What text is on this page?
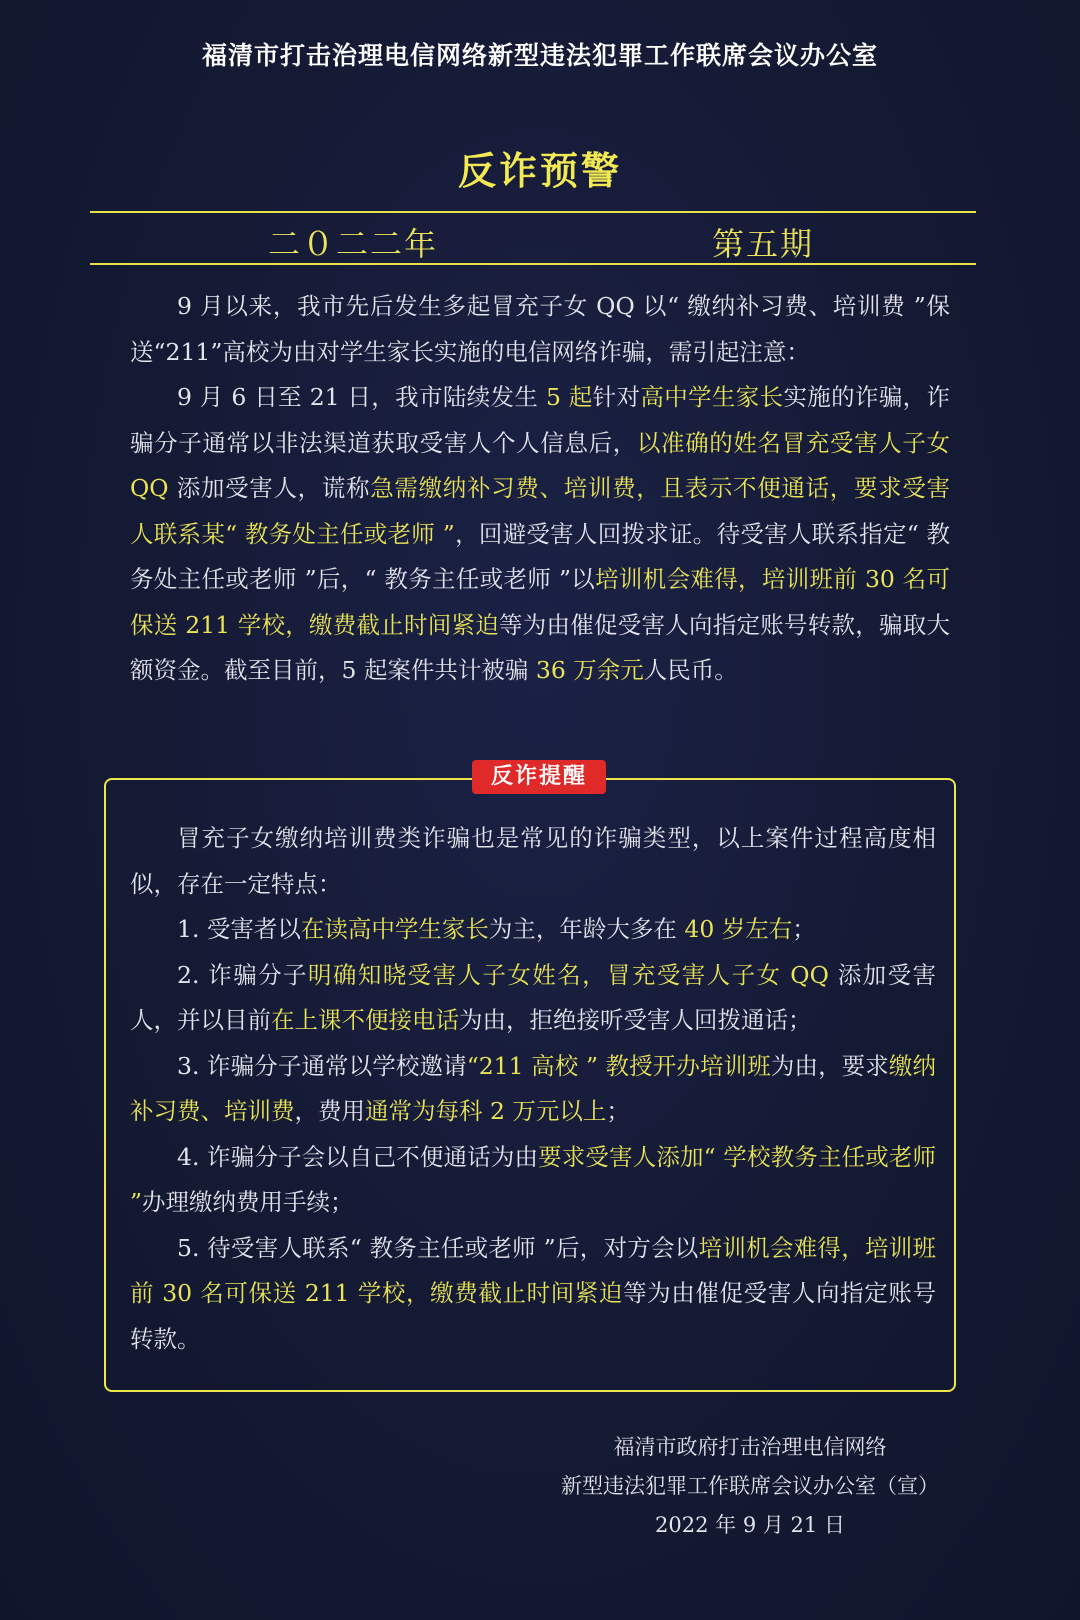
福清市打击治理电信网络新型违法犯罪工作联席会议办公室
反诈预警
二０二二年	第五期

9 月以来，我市先后发生多起冒充子女 QQ 以“ 缴纳补习费、培训费 ”保送“211”高校为由对学生家长实施的电信网络诈骗，需引起注意：

9 月 6 日至 21 日，我市陆续发生 5 起针对高中学生家长实施的诈骗，诈骗分子通常以非法渠道获取受害人个人信息后，以准确的姓名冒充受害人子女 QQ 添加受害人，谎称急需缴纳补习费、培训费，且表示不便通话，要求受害人联系某“ 教务处主任或老师 ”，回避受害人回拨求证。待受害人联系指定“ 教务处主任或老师 ”后，“ 教务主任或老师 ”以培训机会难得，培训班前 30 名可保送 211 学校，缴费截止时间紧迫等为由催促受害人向指定账号转款，骗取大额资金。截至目前，5 起案件共计被骗 36 万余元人民币。

反诈提醒

冒充子女缴纳培训费类诈骗也是常见的诈骗类型，以上案件过程高度相似，存在一定特点：

1. 受害者以在读高中学生家长为主，年龄大多在 40 岁左右；

2. 诈骗分子明确知晓受害人子女姓名，冒充受害人子女 QQ 添加受害人，并以目前在上课不便接电话为由，拒绝接听受害人回拨通话；

3. 诈骗分子通常以学校邀请“211 高校 ” 教授开办培训班为由，要求缴纳补习费、培训费，费用通常为每科 2 万元以上；

4. 诈骗分子会以自己不便通话为由要求受害人添加“ 学校教务主任或老师 ”办理缴纳费用手续；

5. 待受害人联系“ 教务主任或老师 ”后，对方会以培训机会难得，培训班前 30 名可保送 211 学校，缴费截止时间紧迫等为由催促受害人向指定账号转款。

福清市政府打击治理电信网络
新型违法犯罪工作联席会议办公室（宣）
2022 年 9 月 21 日
